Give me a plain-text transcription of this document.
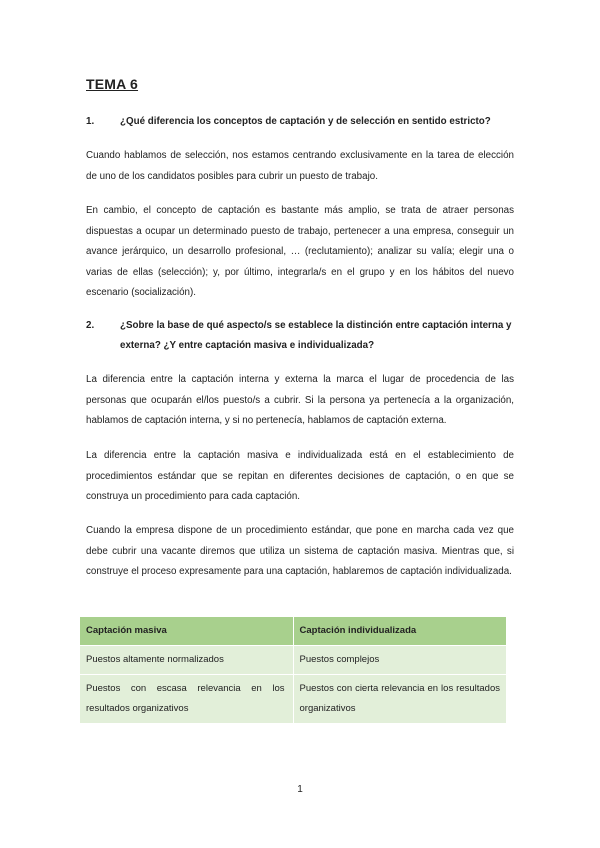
TEMA 6
1.	¿Qué diferencia los conceptos de captación y de selección en sentido estricto?
Cuando hablamos de selección, nos estamos centrando exclusivamente en la tarea de elección de uno de los candidatos posibles para cubrir un puesto de trabajo.
En cambio, el concepto de captación es bastante más amplio, se trata de atraer personas dispuestas a ocupar un determinado puesto de trabajo, pertenecer a una empresa, conseguir un avance jerárquico, un desarrollo profesional, … (reclutamiento); analizar su valía; elegir una o varias de ellas (selección); y, por último, integrarla/s en el grupo y en los hábitos del nuevo escenario (socialización).
2.	¿Sobre la base de qué aspecto/s se establece la distinción entre captación interna y externa? ¿Y entre captación masiva e individualizada?
La diferencia entre la captación interna y externa la marca el lugar de procedencia de las personas que ocuparán el/los puesto/s a cubrir. Si la persona ya pertenecía a la organización, hablamos de captación interna, y si no pertenecía, hablamos de captación externa.
La diferencia entre la captación masiva e individualizada está en el establecimiento de procedimientos estándar que se repitan en diferentes decisiones de captación, o en que se construya un procedimiento para cada captación.
Cuando la empresa dispone de un procedimiento estándar, que pone en marcha cada vez que debe cubrir una vacante diremos que utiliza un sistema de captación masiva. Mientras que, si construye el proceso expresamente para una captación, hablaremos de captación individualizada.
Captación masiva	Captación individualizada
Puestos altamente normalizados	Puestos complejos
Puestos con escasa relevancia en los resultados organizativos	Puestos con cierta relevancia en los resultados organizativos
1
